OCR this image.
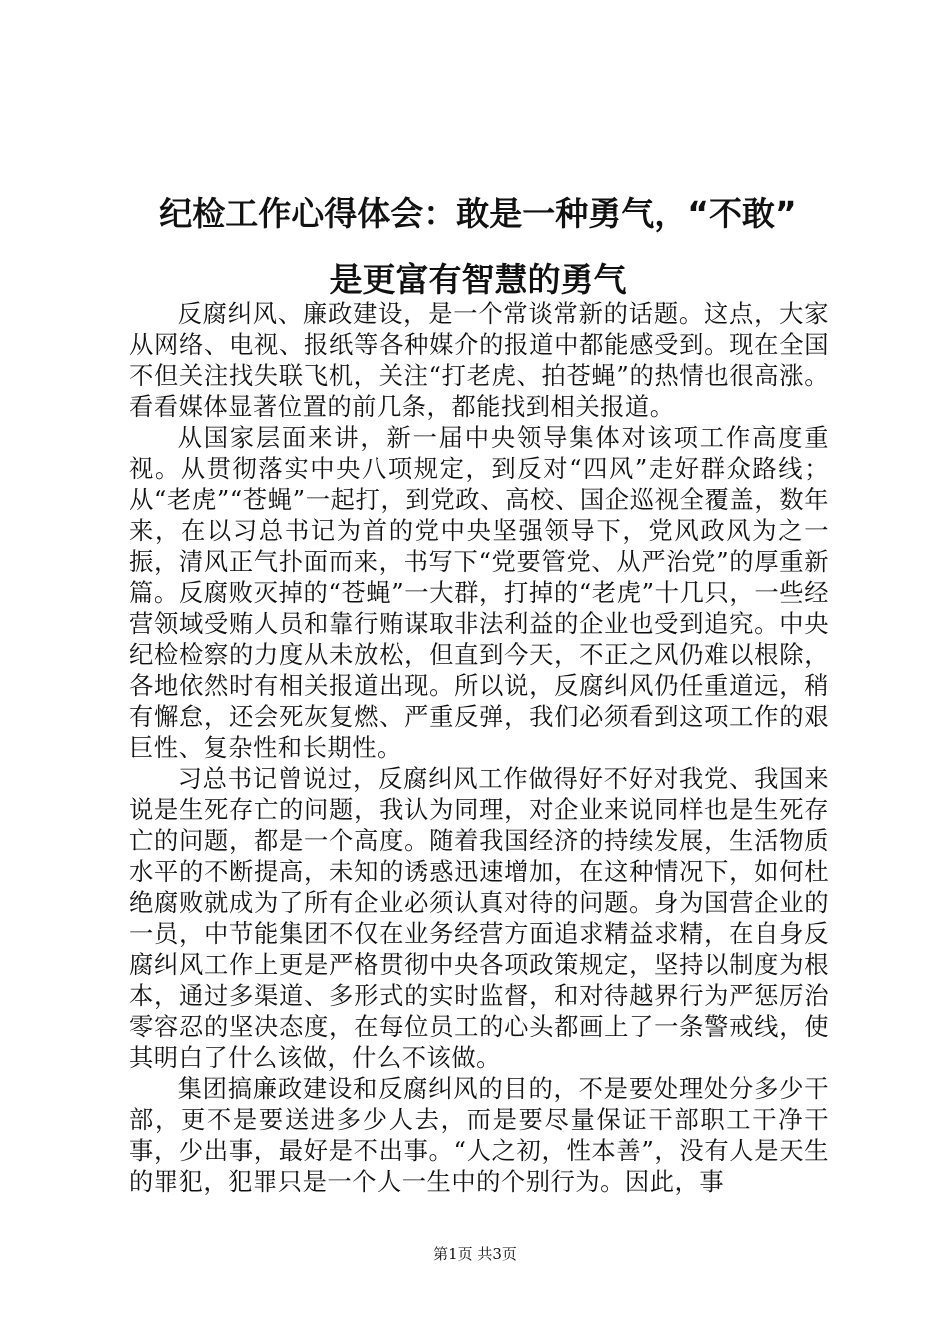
纪检工作心得体会：敢是一种勇气，“不敢”
是更富有智慧的勇气

反腐纠风、廉政建设，是一个常谈常新的话题。这点，大家从网络、电视、报纸等各种媒介的报道中都能感受到。现在全国不但关注找失联飞机，关注“打老虎、拍苍蝇”的热情也很高涨。看看媒体显著位置的前几条，都能找到相关报道。

从国家层面来讲，新一届中央领导集体对该项工作高度重视。从贯彻落实中央八项规定，到反对“四风”走好群众路线；从“老虎”“苍蝇”一起打，到党政、高校、国企巡视全覆盖，数年来，在以习总书记为首的党中央坚强领导下，党风政风为之一振，清风正气扑面而来，书写下“党要管党、从严治党”的厚重新篇。反腐败灭掉的“苍蝇”一大群，打掉的“老虎”十几只，一些经营领域受贿人员和靠行贿谋取非法利益的企业也受到追究。中央纪检检察的力度从未放松，但直到今天，不正之风仍难以根除，各地依然时有相关报道出现。所以说，反腐纠风仍任重道远，稍有懈怠，还会死灰复燃、严重反弹，我们必须看到这项工作的艰巨性、复杂性和长期性。

习总书记曾说过，反腐纠风工作做得好不好对我党、我国来说是生死存亡的问题，我认为同理，对企业来说同样也是生死存亡的问题，都是一个高度。随着我国经济的持续发展，生活物质水平的不断提高，未知的诱惑迅速增加，在这种情况下，如何杜绝腐败就成为了所有企业必须认真对待的问题。身为国营企业的一员，中节能集团不仅在业务经营方面追求精益求精，在自身反腐纠风工作上更是严格贯彻中央各项政策规定，坚持以制度为根本，通过多渠道、多形式的实时监督，和对待越界行为严惩厉治零容忍的坚决态度，在每位员工的心头都画上了一条警戒线，使其明白了什么该做，什么不该做。

集团搞廉政建设和反腐纠风的目的，不是要处理处分多少干部，更不是要送进多少人去，而是要尽量保证干部职工干净干事，少出事，最好是不出事。“人之初，性本善”，没有人是天生的罪犯，犯罪只是一个人一生中的个别行为。因此，事

第1页 共3页
